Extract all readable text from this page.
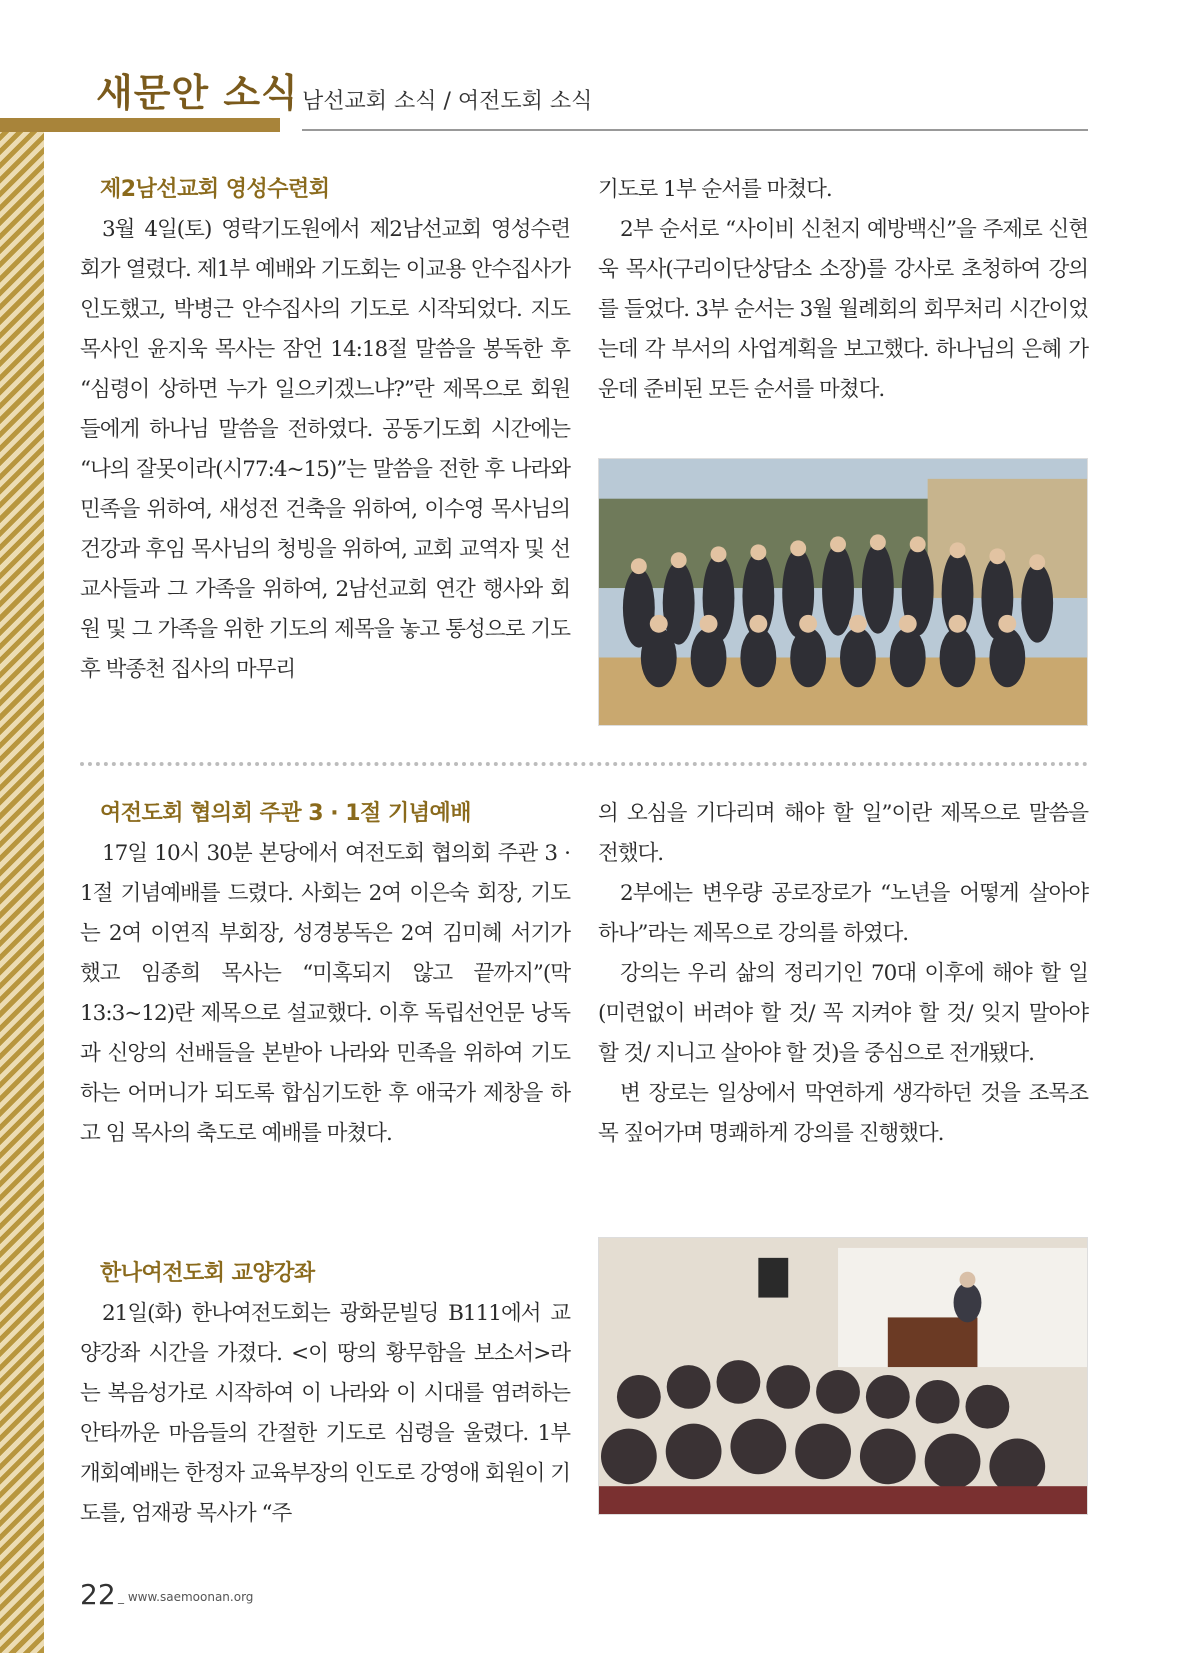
새문안 소식 남선교회 소식 / 여전도회 소식
제2남선교회 영성수련회

3월 4일(토) 영락기도원에서 제2남선교회 영성수련회가 열렸다. 제1부 예배와 기도회는 이교용 안수집사가 인도했고, 박병근 안수집사의 기도로 시작되었다. 지도목사인 윤지욱 목사는 잠언 14:18절 말씀을 봉독한 후 “심령이 상하면 누가 일으키겠느냐?”란 제목으로 회원들에게 하나님 말씀을 전하였다. 공동기도회 시간에는 “나의 잘못이라(시77:4~15)”는 말씀을 전한 후 나라와 민족을 위하여, 새성전 건축을 위하여, 이수영 목사님의 건강과 후임 목사님의 청빙을 위하여, 교회 교역자 및 선교사들과 그 가족을 위하여, 2남선교회 연간 행사와 회원 및 그 가족을 위한 기도의 제목을 놓고 통성으로 기도 후 박종천 집사의 마무리

기도로 1부 순서를 마쳤다.

2부 순서로 “사이비 신천지 예방백신”을 주제로 신현욱 목사(구리이단상담소 소장)를 강사로 초청하여 강의를 들었다. 3부 순서는 3월 월례회의 회무처리 시간이었는데 각 부서의 사업계획을 보고했다. 하나님의 은혜 가운데 준비된 모든 순서를 마쳤다.

여전도회 협의회 주관 3 · 1절 기념예배

17일 10시 30분 본당에서 여전도회 협의회 주관 3 · 1절 기념예배를 드렸다. 사회는 2여 이은숙 회장, 기도는 2여 이연직 부회장, 성경봉독은 2여 김미혜 서기가 했고 임종희 목사는 “미혹되지 않고 끝까지”(막13:3~12)란 제목으로 설교했다. 이후 독립선언문 낭독과 신앙의 선배들을 본받아 나라와 민족을 위하여 기도하는 어머니가 되도록 합심기도한 후 애국가 제창을 하고 임 목사의 축도로 예배를 마쳤다.

의 오심을 기다리며 해야 할 일”이란 제목으로 말씀을 전했다.

2부에는 변우량 공로장로가 “노년을 어떻게 살아야 하나”라는 제목으로 강의를 하였다.

강의는 우리 삶의 정리기인 70대 이후에 해야 할 일(미련없이 버려야 할 것/ 꼭 지켜야 할 것/ 잊지 말아야 할 것/ 지니고 살아야 할 것)을 중심으로 전개됐다.

변 장로는 일상에서 막연하게 생각하던 것을 조목조목 짚어가며 명쾌하게 강의를 진행했다.

한나여전도회 교양강좌

21일(화) 한나여전도회는 광화문빌딩 B111에서 교양강좌 시간을 가졌다. <이 땅의 황무함을 보소서>라는 복음성가로 시작하여 이 나라와 이 시대를 염려하는 안타까운 마음들의 간절한 기도로 심령을 울렸다. 1부 개회예배는 한정자 교육부장의 인도로 강영애 회원이 기도를, 엄재광 목사가 “주

22 _ www.saemoonan.org
